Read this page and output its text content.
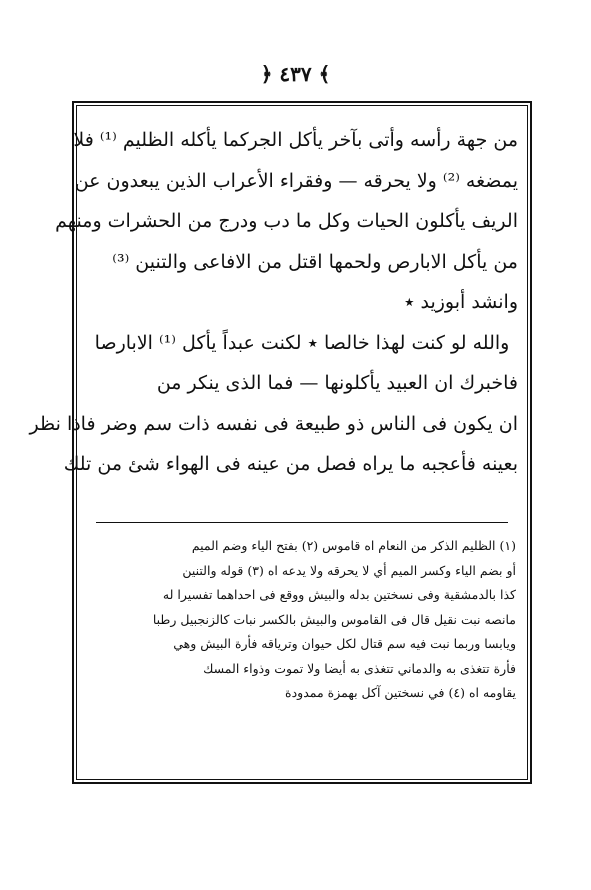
﴿ ٤٣٧ ﴾
من جهة رأسه وأتى بآخر يأكل الجركما يأكله الظليم ⁽¹⁾ فلا
يمضغه ⁽²⁾ ولا يحرقه — وفقراء الأعراب الذين يبعدون عن
الريف يأكلون الحيات وكل ما دب ودرج من الحشرات ومنهم
من يأكل الابارص ولحمها اقتل من الافاعى والتنين ⁽³⁾
وانشد أبوزيد ٭
والله لو كنت لهذا خالصا ٭ لكنت عبداً يأكل ⁽¹⁾ الابارصا
فاخبرك ان العبيد يأكلونها — فما الذى ينكر من
ان يكون فى الناس ذو طبيعة فى نفسه ذات سم وضر فاذا نظر
بعينه فأعجبه ما يراه فصل من عينه فى الهواء شئ من تلك
(١) الظليم الذكر من النعام اه قاموس (٢) بفتح الياء وضم الميم
أو بضم الياء وكسر الميم أي لا يحرقه ولا يدعه اه (٣) قوله والتنين
كذا بالدمشقية وفى نسختين بدله والبيش ووقع فى احداهما تفسيرا له
مانصه نبت نقيل قال فى القاموس والبيش بالكسر نبات كالزنجبيل رطبا
ويابسا وربما نبت فيه سم قتال لكل حيوان وترياقه فأرة البيش وهي
فأرة تتغذى به والدماني تتغذى به أيضا ولا تموت وذواء المسك
يقاومه اه (٤) في نسختين آكل بهمزة ممدودة
